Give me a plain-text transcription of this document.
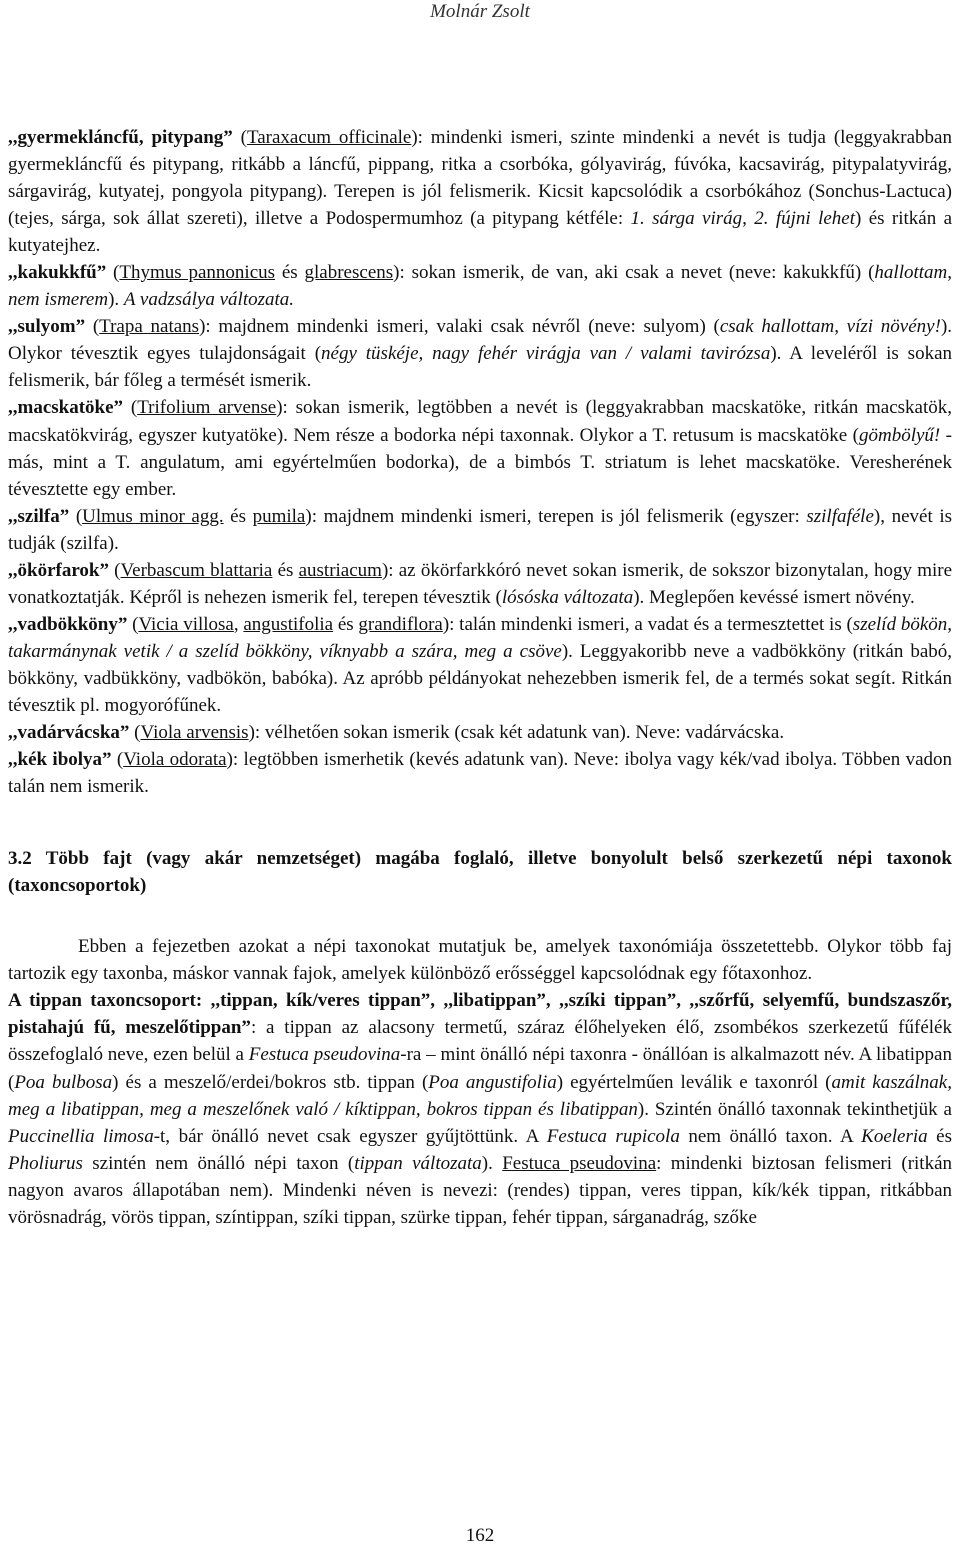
Molnár Zsolt

,,gyermekláncfű, pitypang” (Taraxacum officinale): mindenki ismeri, szinte mindenki a nevét is tudja (leggyakrabban gyermekláncfű és pitypang, ritkább a láncfű, pippang, ritka a csorbóka, gólyavirág, fúvóka, kacsavirág, pitypalatyvirág, sárgavirág, kutyatej, pongyola pitypang). Terepen is jól felismerik. Kicsit kapcsolódik a csorbókához (Sonchus-Lactuca) (tejes, sárga, sok állat szereti), illetve a Podospermumhoz (a pitypang kétféle: 1. sárga virág, 2. fújni lehet) és ritkán a kutyatejhez.

,,kakukkfű” (Thymus pannonicus és glabrescens): sokan ismerik, de van, aki csak a nevet (neve: kakukkfű) (hallottam, nem ismerem). A vadzsálya változata.

,,sulyom” (Trapa natans): majdnem mindenki ismeri, valaki csak névről (neve: sulyom) (csak hallottam, vízi növény!). Olykor tévesztik egyes tulajdonságait (négy tüskéje, nagy fehér virágja van / valami tavirózsa). A leveléről is sokan felismerik, bár főleg a termését ismerik.

,,macskatöke” (Trifolium arvense): sokan ismerik, legtöbben a nevét is (leggyakrabban macskatöke, ritkán macskatök, macskatökvirág, egyszer kutyatöke). Nem része a bodorka népi taxonnak. Olykor a T. retusum is macskatöke (gömbölyű! - más, mint a T. angulatum, ami egyértelműen bodorka), de a bimbós T. striatum is lehet macskatöke. Veresherének tévesztette egy ember.

,,szilfa” (Ulmus minor agg. és pumila): majdnem mindenki ismeri, terepen is jól felismerik (egyszer: szilfaféle), nevét is tudják (szilfa).

,,ökörfarok” (Verbascum blattaria és austriacum): az ökörfarkkóró nevet sokan ismerik, de sokszor bizonytalan, hogy mire vonatkoztatják. Képről is nehezen ismerik fel, terepen tévesztik (lósóska változata). Meglepően kevéssé ismert növény.

,,vadbökköny” (Vicia villosa, angustifolia és grandiflora): talán mindenki ismeri, a vadat és a termesztettet is (szelíd bökön, takarmánynak vetik / a szelíd bökköny, víknyabb a szára, meg a csöve). Leggyakoribb neve a vadbökköny (ritkán babó, bökköny, vadbükköny, vadbökön, babóka). Az apróbb példányokat nehezebben ismerik fel, de a termés sokat segít. Ritkán tévesztik pl. mogyorófűnek.

,,vadárvácska” (Viola arvensis): vélhetően sokan ismerik (csak két adatunk van). Neve: vadárvácska.

,,kék ibolya” (Viola odorata): legtöbben ismerhetik (kevés adatunk van). Neve: ibolya vagy kék/vad ibolya. Többen vadon talán nem ismerik.

3.2 Több fajt (vagy akár nemzetséget) magába foglaló, illetve bonyolult belső szerkezetű népi taxonok (taxoncsoportok)

Ebben a fejezetben azokat a népi taxonokat mutatjuk be, amelyek taxonómiája összetettebb. Olykor több faj tartozik egy taxonba, máskor vannak fajok, amelyek különböző erősséggel kapcsolódnak egy főtaxonhoz.

A tippan taxoncsoport: ,,tippan, kík/veres tippan”, ,,libatippan”, ,,szíki tippan”, ,,szőrfű, selyemfű, bundszaszőr, pistahajú fű, meszelőtippan”: a tippan az alacsony termetű, száraz élőhelyeken élő, zsombékos szerkezetű fűfélék összefoglaló neve, ezen belül a Festuca pseudovina-ra – mint önálló népi taxonra - önállóan is alkalmazott név. A libatippan (Poa bulbosa) és a meszelő/erdei/bokros stb. tippan (Poa angustifolia) egyértelműen leválik e taxonról (amit kaszálnak, meg a libatippan, meg a meszelőnek való / kíktippan, bokros tippan és libatippan). Szintén önálló taxonnak tekinthetjük a Puccinellia limosa-t, bár önálló nevet csak egyszer gyűjtöttünk. A Festuca rupicola nem önálló taxon. A Koeleria és Pholiurus szintén nem önálló népi taxon (tippan változata). Festuca pseudovina: mindenki biztosan felismeri (ritkán nagyon avaros állapotában nem). Mindenki néven is nevezi: (rendes) tippan, veres tippan, kík/kék tippan, ritkábban vörösnadrág, vörös tippan, színtippan, szíki tippan, szürke tippan, fehér tippan, sárganadrág, szőke

162
